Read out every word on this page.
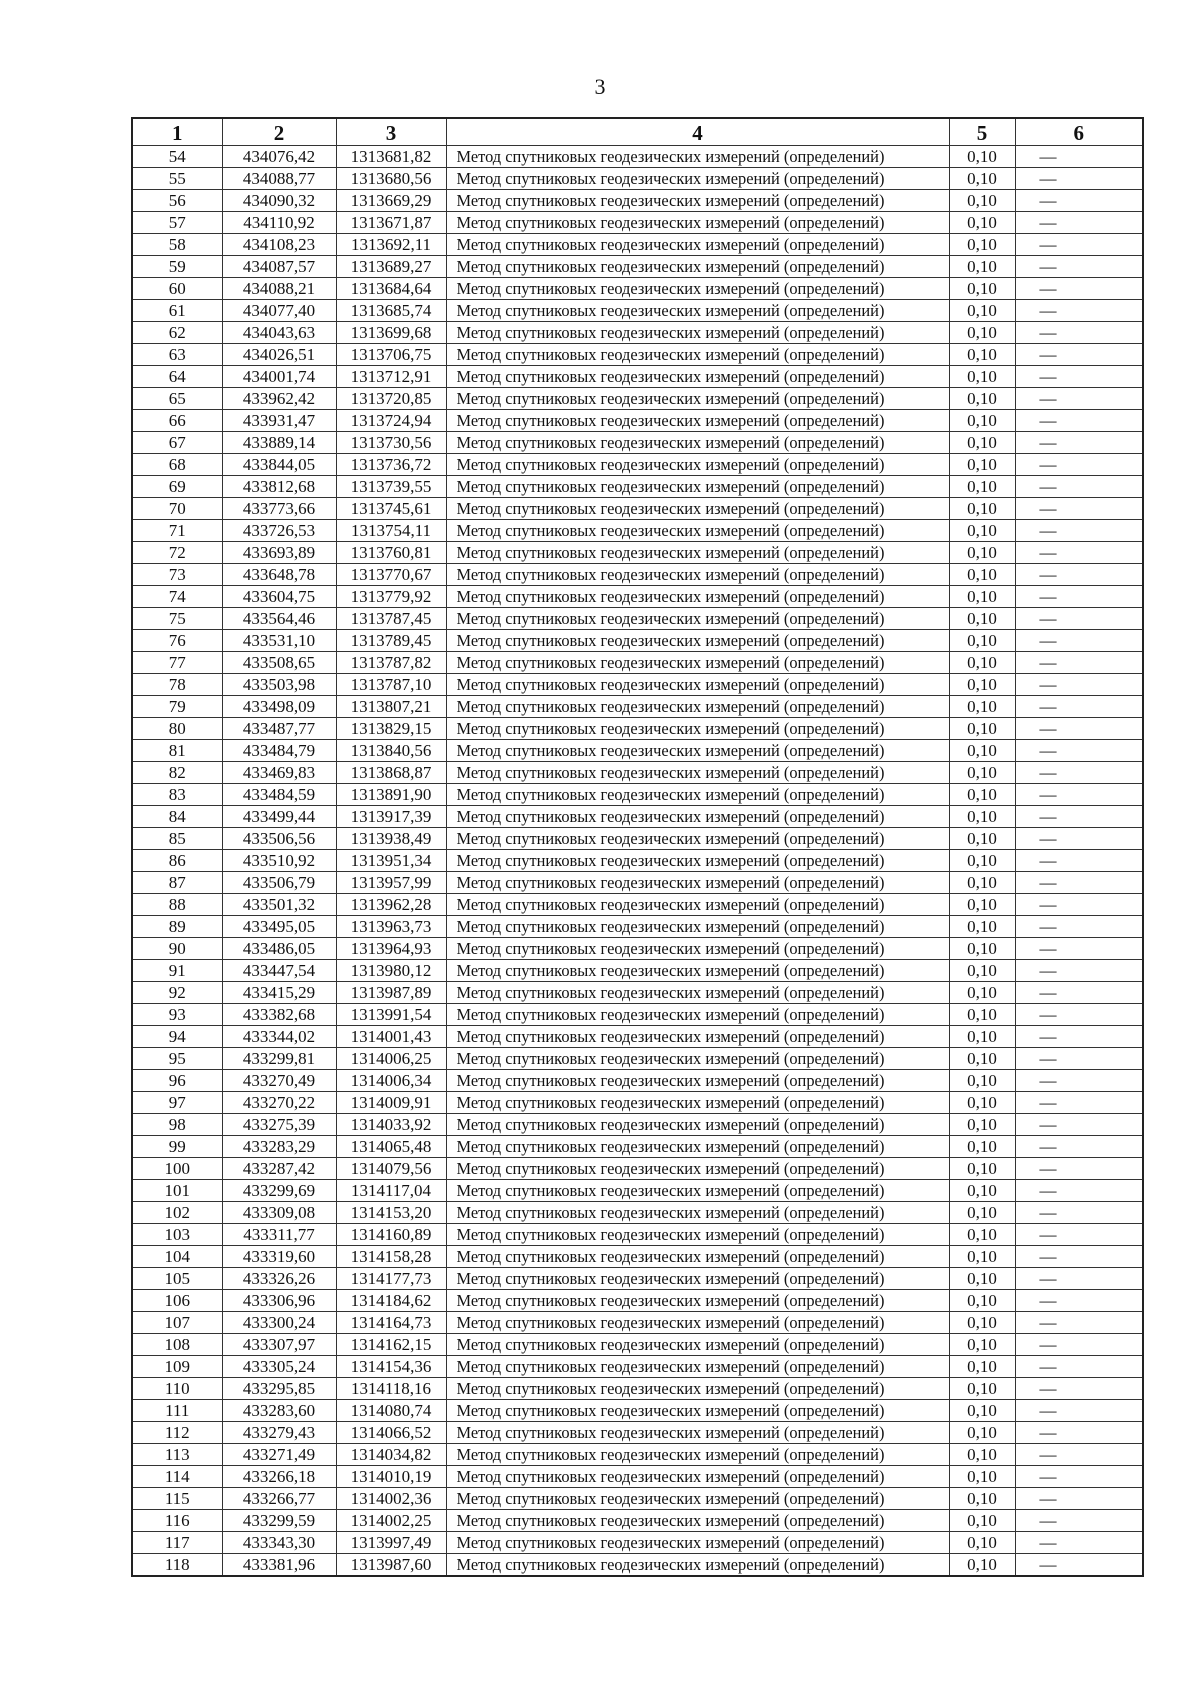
3
1	2	3	4	5	6
54	434076,42	1313681,82	Метод спутниковых геодезических измерений (определений)	0,10	—
55	434088,77	1313680,56	Метод спутниковых геодезических измерений (определений)	0,10	—
56	434090,32	1313669,29	Метод спутниковых геодезических измерений (определений)	0,10	—
57	434110,92	1313671,87	Метод спутниковых геодезических измерений (определений)	0,10	—
58	434108,23	1313692,11	Метод спутниковых геодезических измерений (определений)	0,10	—
59	434087,57	1313689,27	Метод спутниковых геодезических измерений (определений)	0,10	—
60	434088,21	1313684,64	Метод спутниковых геодезических измерений (определений)	0,10	—
61	434077,40	1313685,74	Метод спутниковых геодезических измерений (определений)	0,10	—
62	434043,63	1313699,68	Метод спутниковых геодезических измерений (определений)	0,10	—
63	434026,51	1313706,75	Метод спутниковых геодезических измерений (определений)	0,10	—
64	434001,74	1313712,91	Метод спутниковых геодезических измерений (определений)	0,10	—
65	433962,42	1313720,85	Метод спутниковых геодезических измерений (определений)	0,10	—
66	433931,47	1313724,94	Метод спутниковых геодезических измерений (определений)	0,10	—
67	433889,14	1313730,56	Метод спутниковых геодезических измерений (определений)	0,10	—
68	433844,05	1313736,72	Метод спутниковых геодезических измерений (определений)	0,10	—
69	433812,68	1313739,55	Метод спутниковых геодезических измерений (определений)	0,10	—
70	433773,66	1313745,61	Метод спутниковых геодезических измерений (определений)	0,10	—
71	433726,53	1313754,11	Метод спутниковых геодезических измерений (определений)	0,10	—
72	433693,89	1313760,81	Метод спутниковых геодезических измерений (определений)	0,10	—
73	433648,78	1313770,67	Метод спутниковых геодезических измерений (определений)	0,10	—
74	433604,75	1313779,92	Метод спутниковых геодезических измерений (определений)	0,10	—
75	433564,46	1313787,45	Метод спутниковых геодезических измерений (определений)	0,10	—
76	433531,10	1313789,45	Метод спутниковых геодезических измерений (определений)	0,10	—
77	433508,65	1313787,82	Метод спутниковых геодезических измерений (определений)	0,10	—
78	433503,98	1313787,10	Метод спутниковых геодезических измерений (определений)	0,10	—
79	433498,09	1313807,21	Метод спутниковых геодезических измерений (определений)	0,10	—
80	433487,77	1313829,15	Метод спутниковых геодезических измерений (определений)	0,10	—
81	433484,79	1313840,56	Метод спутниковых геодезических измерений (определений)	0,10	—
82	433469,83	1313868,87	Метод спутниковых геодезических измерений (определений)	0,10	—
83	433484,59	1313891,90	Метод спутниковых геодезических измерений (определений)	0,10	—
84	433499,44	1313917,39	Метод спутниковых геодезических измерений (определений)	0,10	—
85	433506,56	1313938,49	Метод спутниковых геодезических измерений (определений)	0,10	—
86	433510,92	1313951,34	Метод спутниковых геодезических измерений (определений)	0,10	—
87	433506,79	1313957,99	Метод спутниковых геодезических измерений (определений)	0,10	—
88	433501,32	1313962,28	Метод спутниковых геодезических измерений (определений)	0,10	—
89	433495,05	1313963,73	Метод спутниковых геодезических измерений (определений)	0,10	—
90	433486,05	1313964,93	Метод спутниковых геодезических измерений (определений)	0,10	—
91	433447,54	1313980,12	Метод спутниковых геодезических измерений (определений)	0,10	—
92	433415,29	1313987,89	Метод спутниковых геодезических измерений (определений)	0,10	—
93	433382,68	1313991,54	Метод спутниковых геодезических измерений (определений)	0,10	—
94	433344,02	1314001,43	Метод спутниковых геодезических измерений (определений)	0,10	—
95	433299,81	1314006,25	Метод спутниковых геодезических измерений (определений)	0,10	—
96	433270,49	1314006,34	Метод спутниковых геодезических измерений (определений)	0,10	—
97	433270,22	1314009,91	Метод спутниковых геодезических измерений (определений)	0,10	—
98	433275,39	1314033,92	Метод спутниковых геодезических измерений (определений)	0,10	—
99	433283,29	1314065,48	Метод спутниковых геодезических измерений (определений)	0,10	—
100	433287,42	1314079,56	Метод спутниковых геодезических измерений (определений)	0,10	—
101	433299,69	1314117,04	Метод спутниковых геодезических измерений (определений)	0,10	—
102	433309,08	1314153,20	Метод спутниковых геодезических измерений (определений)	0,10	—
103	433311,77	1314160,89	Метод спутниковых геодезических измерений (определений)	0,10	—
104	433319,60	1314158,28	Метод спутниковых геодезических измерений (определений)	0,10	—
105	433326,26	1314177,73	Метод спутниковых геодезических измерений (определений)	0,10	—
106	433306,96	1314184,62	Метод спутниковых геодезических измерений (определений)	0,10	—
107	433300,24	1314164,73	Метод спутниковых геодезических измерений (определений)	0,10	—
108	433307,97	1314162,15	Метод спутниковых геодезических измерений (определений)	0,10	—
109	433305,24	1314154,36	Метод спутниковых геодезических измерений (определений)	0,10	—
110	433295,85	1314118,16	Метод спутниковых геодезических измерений (определений)	0,10	—
111	433283,60	1314080,74	Метод спутниковых геодезических измерений (определений)	0,10	—
112	433279,43	1314066,52	Метод спутниковых геодезических измерений (определений)	0,10	—
113	433271,49	1314034,82	Метод спутниковых геодезических измерений (определений)	0,10	—
114	433266,18	1314010,19	Метод спутниковых геодезических измерений (определений)	0,10	—
115	433266,77	1314002,36	Метод спутниковых геодезических измерений (определений)	0,10	—
116	433299,59	1314002,25	Метод спутниковых геодезических измерений (определений)	0,10	—
117	433343,30	1313997,49	Метод спутниковых геодезических измерений (определений)	0,10	—
118	433381,96	1313987,60	Метод спутниковых геодезических измерений (определений)	0,10	—
